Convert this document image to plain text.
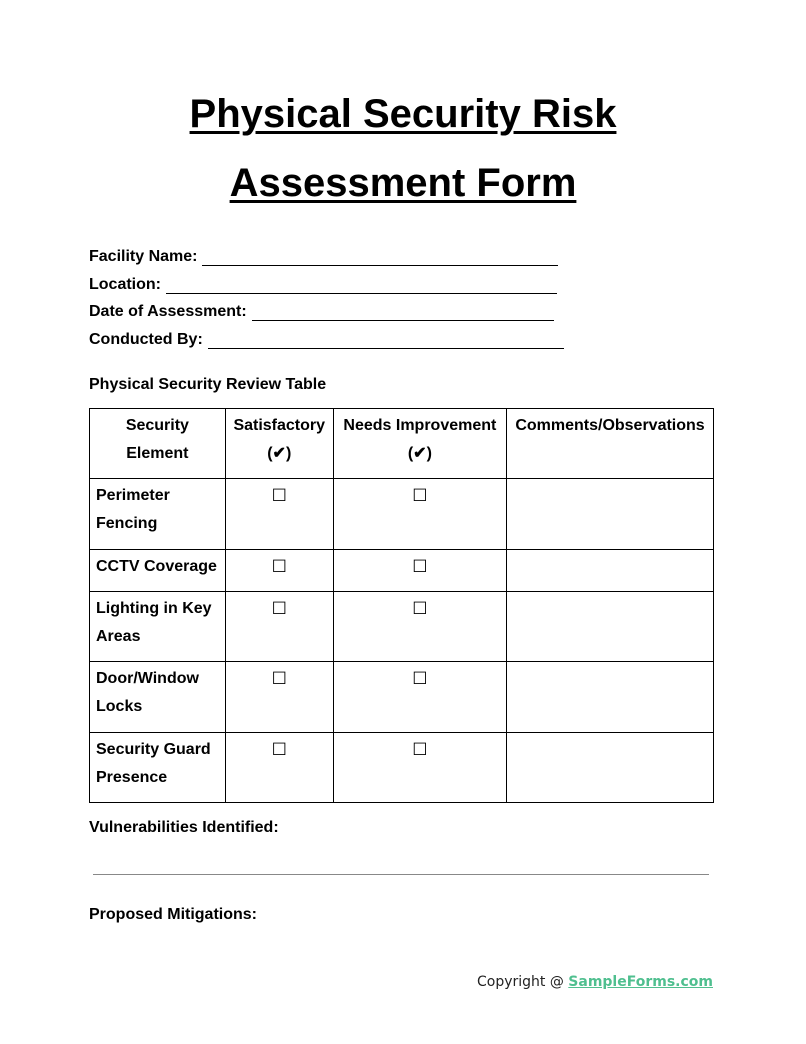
Physical Security Risk
Assessment Form
Facility Name:
Location:
Date of Assessment:
Conducted By:
Physical Security Review Table
Security Element	Satisfactory (✔)	Needs Improvement (✔)	Comments/Observations
Perimeter Fencing	☐	☐	
CCTV Coverage	☐	☐	
Lighting in Key Areas	☐	☐	
Door/Window Locks	☐	☐	
Security Guard Presence	☐	☐	
Vulnerabilities Identified:
Proposed Mitigations:
Copyright @ SampleForms.com
